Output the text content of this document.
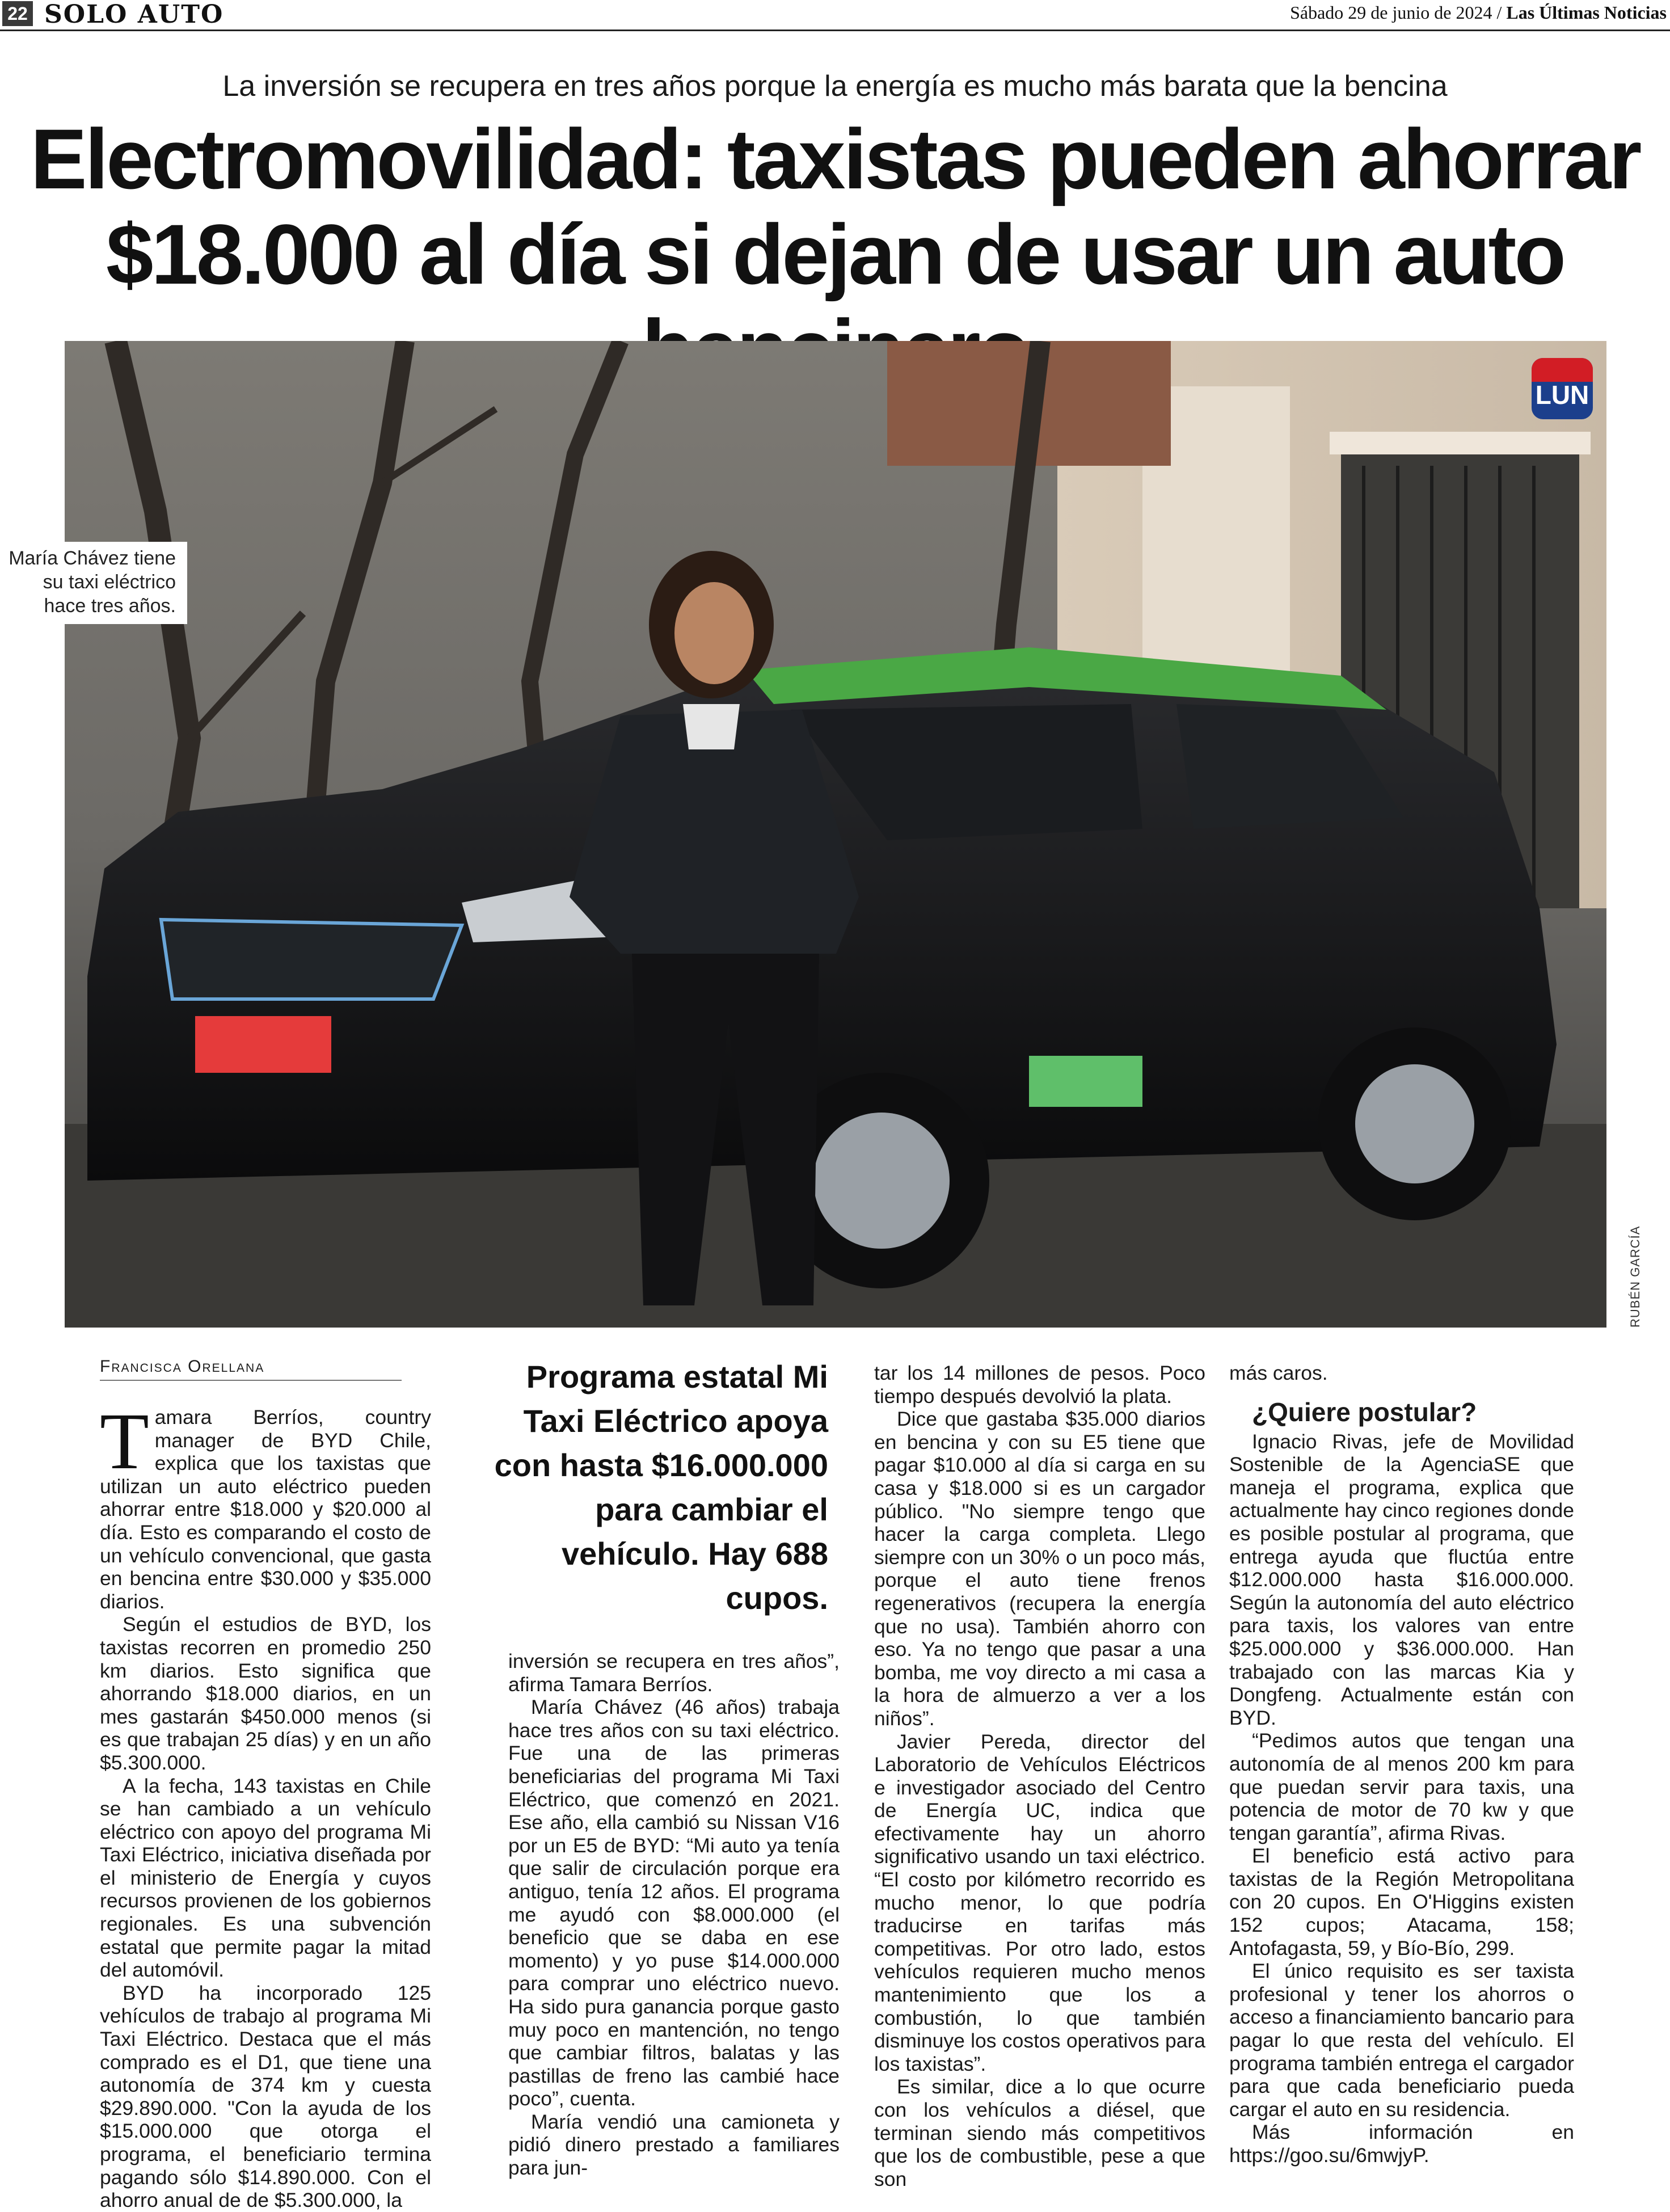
22 SOLO AUTO	Sábado 29 de junio de 2024 / Las Últimas Noticias
La inversión se recupera en tres años porque la energía es mucho más barata que la bencina
Electromovilidad: taxistas pueden ahorrar
$18.000 al día si dejan de usar un auto
LUN
María Chávez tiene su taxi eléctrico hace tres años.
RUBÉN GARCÍA
Francisca Orellana

Tamara Berríos, country manager de BYD Chile, explica que los taxistas que utilizan un auto eléctrico pueden ahorrar entre $18.000 y $20.000 al día. Esto es comparando el costo de un vehículo convencional, que gasta en bencina entre $30.000 y $35.000 diarios.

Según el estudios de BYD, los taxistas recorren en promedio 250 km diarios. Esto significa que ahorrando $18.000 diarios, en un mes gastarán $450.000 menos (si es que trabajan 25 días) y en un año $5.300.000.

A la fecha, 143 taxistas en Chile se han cambiado a un vehículo eléctrico con apoyo del programa Mi Taxi Eléctrico, iniciativa diseñada por el ministerio de Energía y cuyos recursos provienen de los gobiernos regionales. Es una subvención estatal que permite pagar la mitad del automóvil.

BYD ha incorporado 125 vehículos de trabajo al programa Mi Taxi Eléctrico. Destaca que el más comprado es el D1, que tiene una autonomía de 374 km y cuesta $29.890.000. "Con la ayuda de los $15.000.000 que otorga el programa, el beneficiario termina pagando sólo $14.890.000. Con el ahorro anual de de $5.300.000, la

Programa estatal Mi Taxi Eléctrico apoya con hasta $16.000.000 para cambiar el vehículo. Hay 688 cupos.

inversión se recupera en tres años”, afirma Tamara Berríos.

María Chávez (46 años) trabaja hace tres años con su taxi eléctrico. Fue una de las primeras beneficiarias del programa Mi Taxi Eléctrico, que comenzó en 2021. Ese año, ella cambió su Nissan V16 por un E5 de BYD: “Mi auto ya tenía que salir de circulación porque era antiguo, tenía 12 años. El programa me ayudó con $8.000.000 (el beneficio que se daba en ese momento) y yo puse $14.000.000 para comprar uno eléctrico nuevo. Ha sido pura ganancia porque gasto muy poco en mantención, no tengo que cambiar filtros, balatas y las pastillas de freno las cambié hace poco”, cuenta.

María vendió una camioneta y pidió dinero prestado a familiares para jun-

tar los 14 millones de pesos. Poco tiempo después devolvió la plata.

Dice que gastaba $35.000 diarios en bencina y con su E5 tiene que pagar $10.000 al día si carga en su casa y $18.000 si es un cargador público. "No siempre tengo que hacer la carga completa. Llego siempre con un 30% o un poco más, porque el auto tiene frenos regenerativos (recupera la energía que no usa). También ahorro con eso. Ya no tengo que pasar a una bomba, me voy directo a mi casa a la hora de almuerzo a ver a los niños”.

Javier Pereda, director del Laboratorio de Vehículos Eléctricos e investigador asociado del Centro de Energía UC, indica que efectivamente hay un ahorro significativo usando un taxi eléctrico. “El costo por kilómetro recorrido es mucho menor, lo que podría traducirse en tarifas más competitivas. Por otro lado, estos vehículos requieren mucho menos mantenimiento que los a combustión, lo que también disminuye los costos operativos para los taxistas”.

Es similar, dice a lo que ocurre con los vehículos a diésel, que terminan siendo más competitivos que los de combustible, pese a que son

más caros.

¿Quiere postular?

Ignacio Rivas, jefe de Movilidad Sostenible de la AgenciaSE que maneja el programa, explica que actualmente hay cinco regiones donde es posible postular al programa, que entrega ayuda que fluctúa entre $12.000.000 hasta $16.000.000. Según la autonomía del auto eléctrico para taxis, los valores van entre $25.000.000 y $36.000.000. Han trabajado con las marcas Kia y Dongfeng. Actualmente están con BYD.

“Pedimos autos que tengan una autonomía de al menos 200 km para que puedan servir para taxis, una potencia de motor de 70 kw y que tengan garantía”, afirma Rivas.

El beneficio está activo para taxistas de la Región Metropolitana con 20 cupos. En O'Higgins existen 152 cupos; Atacama, 158; Antofagasta, 59, y Bío-Bío, 299.

El único requisito es ser taxista profesional y tener los ahorros o acceso a financiamiento bancario para pagar lo que resta del vehículo. El programa también entrega el cargador para que cada beneficiario pueda cargar el auto en su residencia.

Más información en https://goo.su/6mwjyP.
